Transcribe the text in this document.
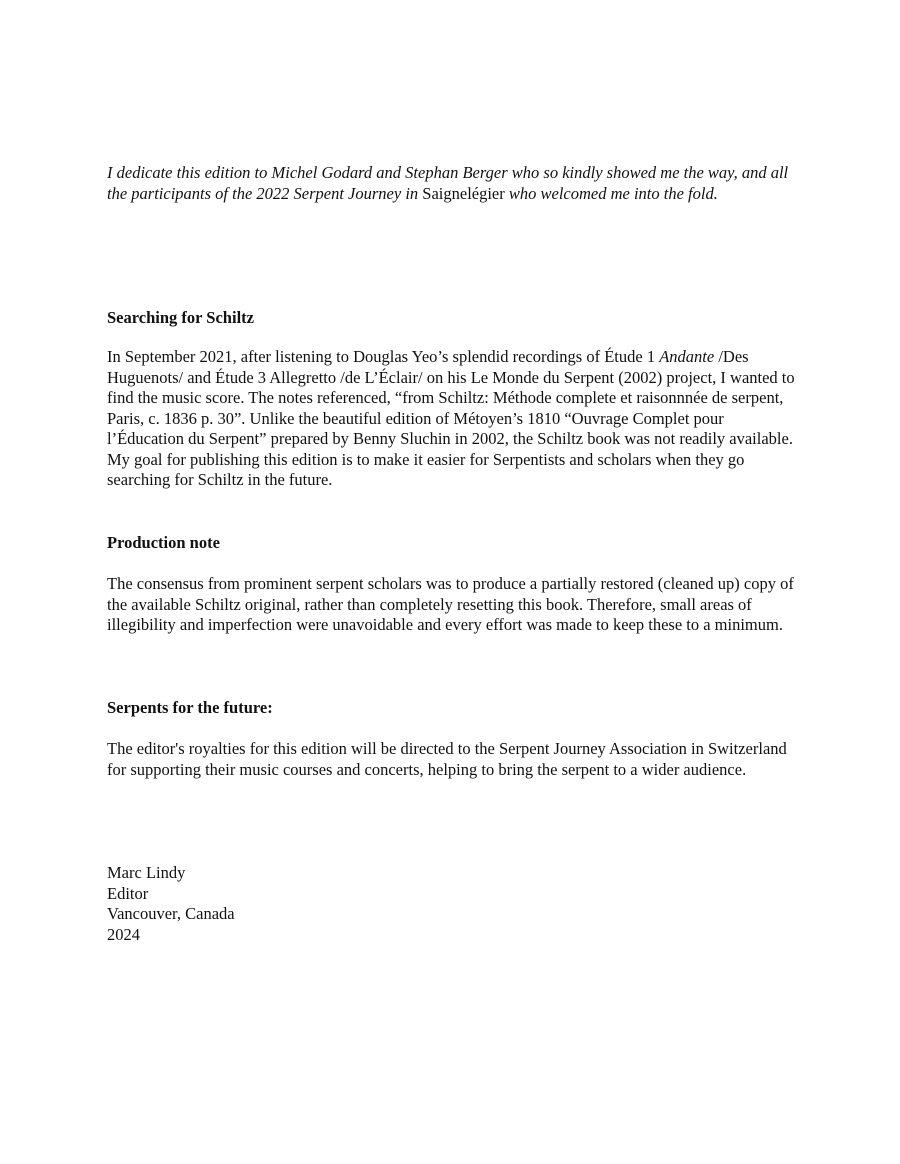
I dedicate this edition to Michel Godard and Stephan Berger who so kindly showed me the way, and all the participants of the 2022 Serpent Journey in Saignelégier who welcomed me into the fold.

Searching for Schiltz

In September 2021, after listening to Douglas Yeo’s splendid recordings of Étude 1 Andante /Des Huguenots/ and Étude 3 Allegretto /de L’Éclair/ on his Le Monde du Serpent (2002) project, I wanted to find the music score. The notes referenced, “from Schiltz: Méthode complete et raisonnnée de serpent, Paris, c. 1836 p. 30”. Unlike the beautiful edition of Métoyen’s 1810 “Ouvrage Complet pour l’Éducation du Serpent” prepared by Benny Sluchin in 2002, the Schiltz book was not readily available. My goal for publishing this edition is to make it easier for Serpentists and scholars when they go searching for Schiltz in the future.

Production note

The consensus from prominent serpent scholars was to produce a partially restored (cleaned up) copy of the available Schiltz original, rather than completely resetting this book. Therefore, small areas of illegibility and imperfection were unavoidable and every effort was made to keep these to a minimum.

Serpents for the future:

The editor's royalties for this edition will be directed to the Serpent Journey Association in Switzerland for supporting their music courses and concerts, helping to bring the serpent to a wider audience.

Marc Lindy
Editor
Vancouver, Canada
2024
